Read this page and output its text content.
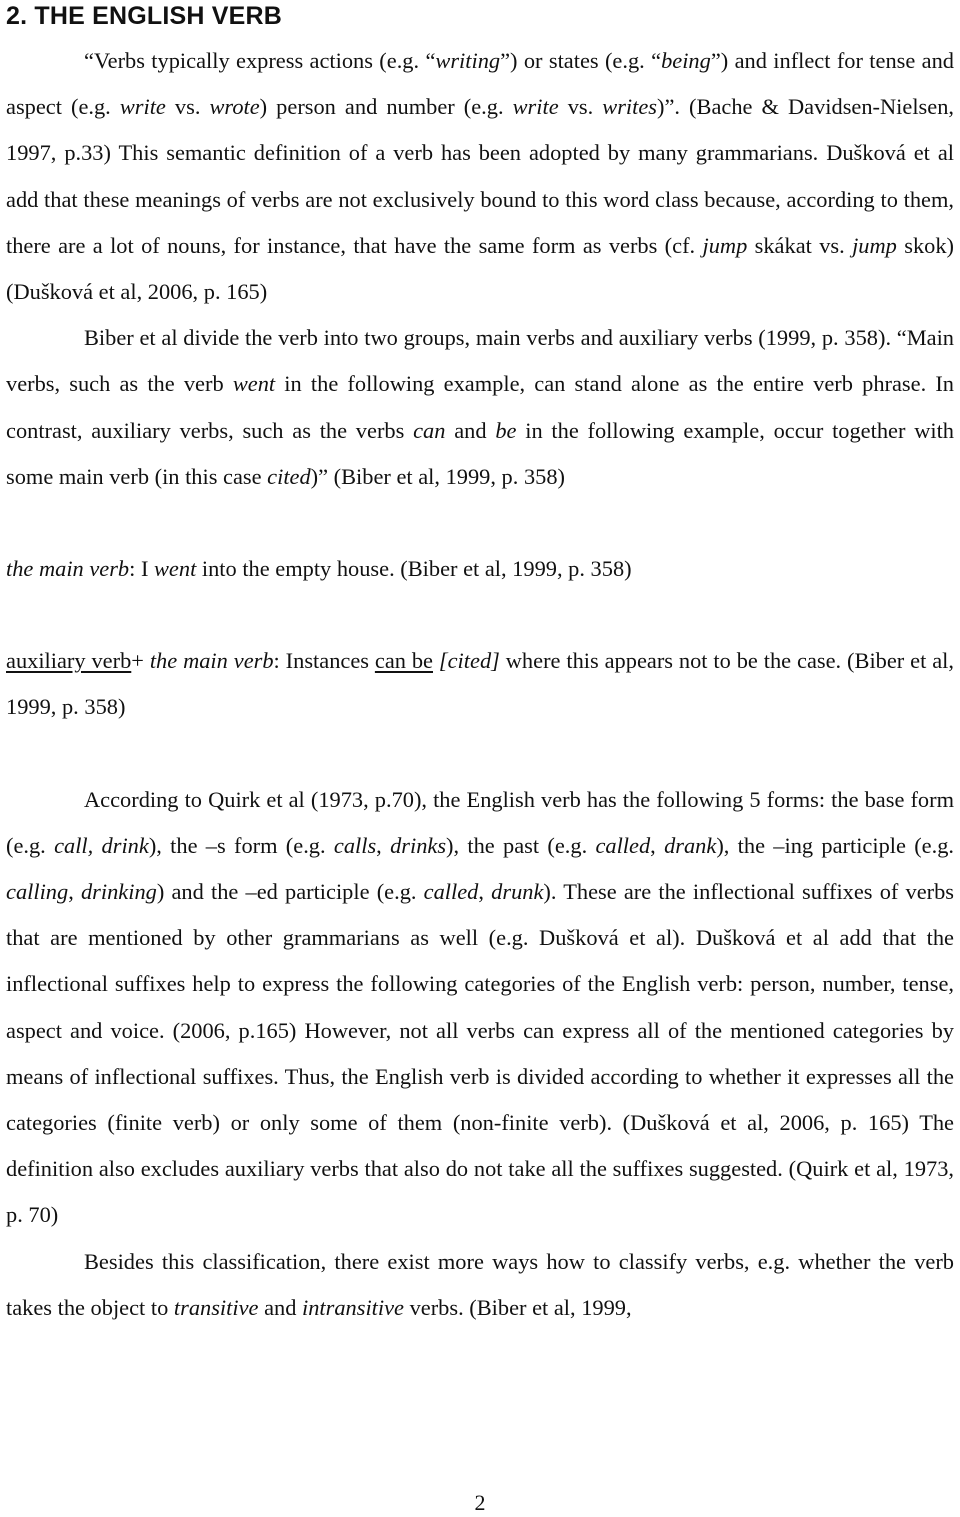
2. THE ENGLISH VERB

“Verbs typically express actions (e.g. “writing”) or states (e.g. “being”) and inflect for tense and aspect (e.g. write vs. wrote) person and number (e.g. write vs. writes)”. (Bache & Davidsen-Nielsen, 1997, p.33) This semantic definition of a verb has been adopted by many grammarians. Dušková et al add that these meanings of verbs are not exclusively bound to this word class because, according to them, there are a lot of nouns, for instance, that have the same form as verbs (cf. jump skákat vs. jump skok) (Dušková et al, 2006, p. 165)

Biber et al divide the verb into two groups, main verbs and auxiliary verbs (1999, p. 358). “Main verbs, such as the verb went in the following example, can stand alone as the entire verb phrase. In contrast, auxiliary verbs, such as the verbs can and be in the following example, occur together with some main verb (in this case cited)” (Biber et al, 1999, p. 358)

the main verb: I went into the empty house. (Biber et al, 1999, p. 358)

auxiliary verb+ the main verb: Instances can be [cited] where this appears not to be the case. (Biber et al, 1999, p. 358)

According to Quirk et al (1973, p.70), the English verb has the following 5 forms: the base form (e.g. call, drink), the –s form (e.g. calls, drinks), the past (e.g. called, drank), the –ing participle (e.g. calling, drinking) and the –ed participle (e.g. called, drunk). These are the inflectional suffixes of verbs that are mentioned by other grammarians as well (e.g. Dušková et al). Dušková et al add that the inflectional suffixes help to express the following categories of the English verb: person, number, tense, aspect and voice. (2006, p.165) However, not all verbs can express all of the mentioned categories by means of inflectional suffixes. Thus, the English verb is divided according to whether it expresses all the categories (finite verb) or only some of them (non-finite verb). (Dušková et al, 2006, p. 165) The definition also excludes auxiliary verbs that also do not take all the suffixes suggested. (Quirk et al, 1973, p. 70)

Besides this classification, there exist more ways how to classify verbs, e.g. whether the verb takes the object to transitive and intransitive verbs. (Biber et al, 1999,

2
